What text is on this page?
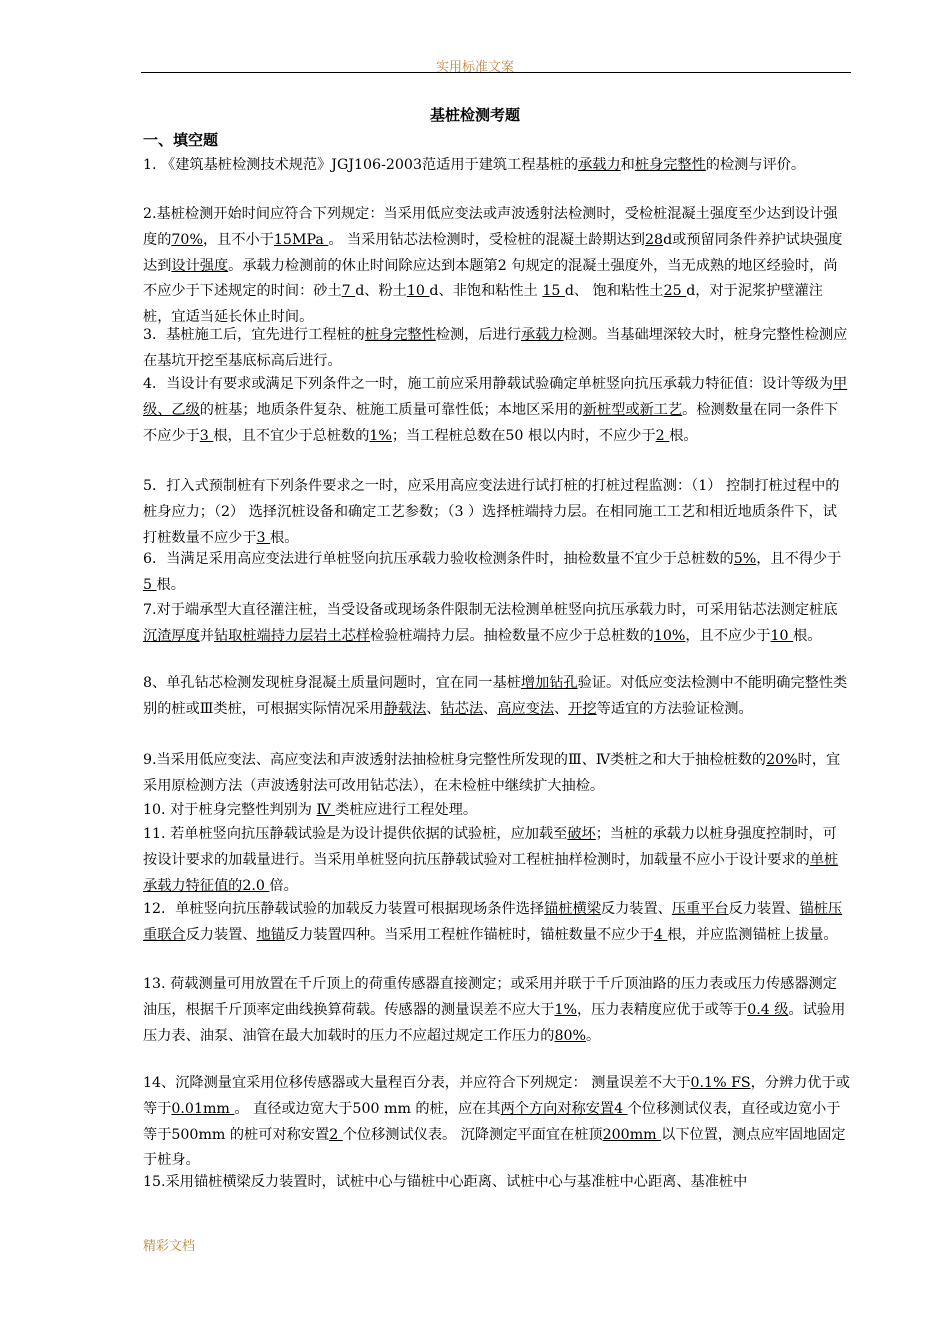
实用标准文案
基桩检测考题
一、填空题
1. 《建筑基桩检测技术规范》JGJ106-2003范适用于建筑工程基桩的承载力和桩身完整性的检测与评价。
2.基桩检测开始时间应符合下列规定：当采用低应变法或声波透射法检测时，受检桩混凝土强度至少达到设计强度的70%，且不小于15MPa 。 当采用钻芯法检测时，受检桩的混凝土龄期达到28d或预留同条件养护试块强度达到设计强度。承载力检测前的休止时间除应达到本题第2 句规定的混凝土强度外，当无成熟的地区经验时，尚不应少于下述规定的时间：砂土7 d、粉土10 d、非饱和粘性土 15 d、 饱和粘性土25 d，对于泥浆护壁灌注桩，宜适当延长休止时间。
3．基桩施工后，宜先进行工程桩的桩身完整性检测，后进行承载力检测。当基础埋深较大时，桩身完整性检测应在基坑开挖至基底标高后进行。
4．当设计有要求或满足下列条件之一时，施工前应采用静载试验确定单桩竖向抗压承载力特征值：设计等级为甲级、乙级的桩基；地质条件复杂、桩施工质量可靠性低；本地区采用的新桩型或新工艺。检测数量在同一条件下不应少于3 根，且不宜少于总桩数的1%；当工程桩总数在50 根以内时，不应少于2 根。
5．打入式预制桩有下列条件要求之一时，应采用高应变法进行试打桩的打桩过程监测：（1） 控制打桩过程中的桩身应力；（2） 选择沉桩设备和确定工艺参数；（3 ）选择桩端持力层。在相同施工工艺和相近地质条件下，试打桩数量不应少于3 根。
6．当满足采用高应变法进行单桩竖向抗压承载力验收检测条件时，抽检数量不宜少于总桩数的5%，且不得少于5 根。
7.对于端承型大直径灌注桩，当受设备或现场条件限制无法检测单桩竖向抗压承载力时，可采用钻芯法测定桩底沉渣厚度并钻取桩端持力层岩土芯样检验桩端持力层。抽检数量不应少于总桩数的10%，且不应少于10 根。
8、单孔钻芯检测发现桩身混凝土质量问题时，宜在同一基桩增加钻孔验证。对低应变法检测中不能明确完整性类别的桩或Ⅲ类桩，可根据实际情况采用静载法、钻芯法、高应变法、开挖等适宜的方法验证检测。
9.当采用低应变法、高应变法和声波透射法抽检桩身完整性所发现的Ⅲ、Ⅳ类桩之和大于抽检桩数的20%时，宜采用原检测方法（声波透射法可改用钻芯法），在未检桩中继续扩大抽检。
10. 对于桩身完整性判别为 Ⅳ 类桩应进行工程处理。
11. 若单桩竖向抗压静载试验是为设计提供依据的试验桩，应加载至破坏；当桩的承载力以桩身强度控制时，可按设计要求的加载量进行。当采用单桩竖向抗压静载试验对工程桩抽样检测时，加载量不应小于设计要求的单桩承载力特征值的2.0 倍。
12．单桩竖向抗压静载试验的加载反力装置可根据现场条件选择锚桩横梁反力装置、压重平台反力装置、锚桩压重联合反力装置、地锚反力装置四种。当采用工程桩作锚桩时，锚桩数量不应少于4 根，并应监测锚桩上拔量。
13. 荷载测量可用放置在千斤顶上的荷重传感器直接测定；或采用并联于千斤顶油路的压力表或压力传感器测定油压，根据千斤顶率定曲线换算荷载。传感器的测量误差不应大于1%，压力表精度应优于或等于0.4 级。试验用压力表、油泵、油管在最大加载时的压力不应超过规定工作压力的80%。
14、沉降测量宜采用位移传感器或大量程百分表，并应符合下列规定： 测量误差不大于0.1% FS，分辨力优于或等于0.01mm 。 直径或边宽大于500 mm 的桩，应在其两个方向对称安置4 个位移测试仪表，直径或边宽小于等于500mm 的桩可对称安置2 个位移测试仪表。 沉降测定平面宜在桩顶200mm 以下位置，测点应牢固地固定于桩身。
15.采用锚桩横梁反力装置时，试桩中心与锚桩中心距离、试桩中心与基准桩中心距离、基准桩中
精彩文档
